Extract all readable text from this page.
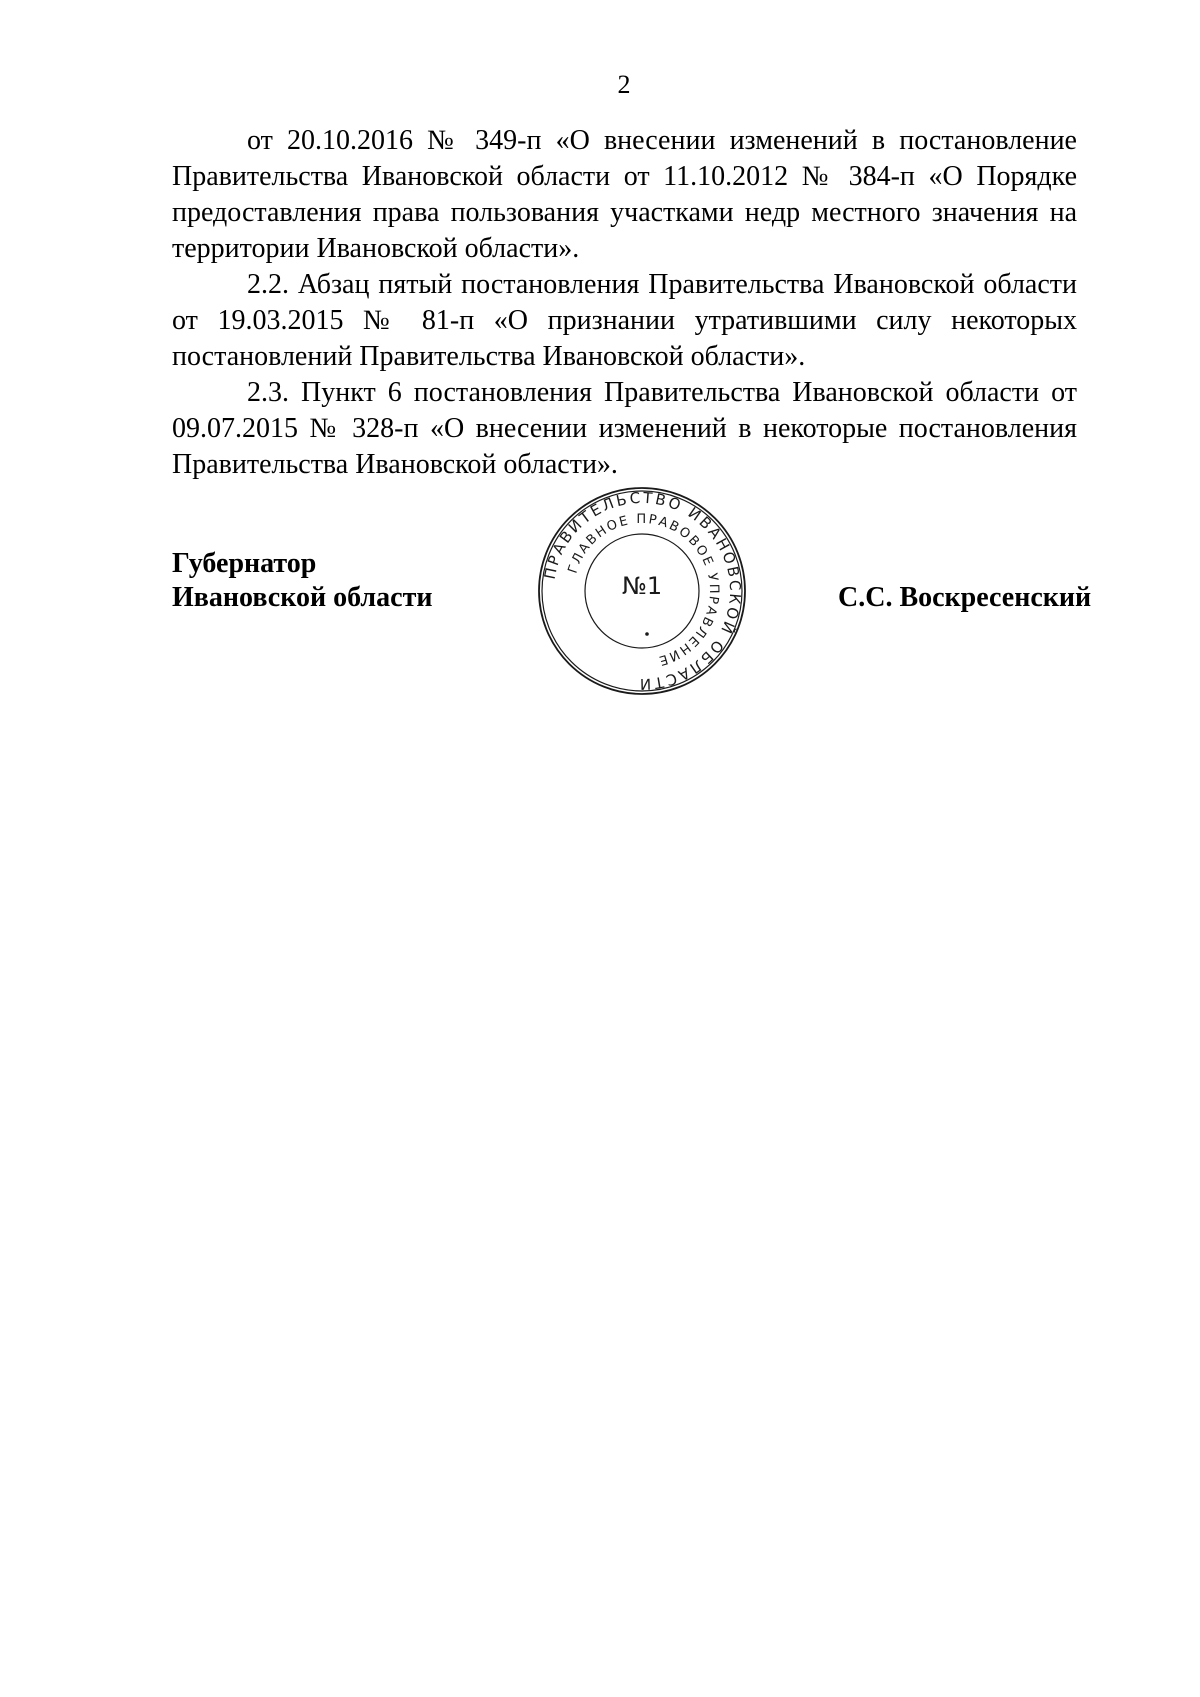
2

от 20.10.2016 № 349-п «О внесении изменений в постановление Правительства Ивановской области от 11.10.2012 № 384-п «О Порядке предоставления права пользования участками недр местного значения на территории Ивановской области».

2.2. Абзац пятый постановления Правительства Ивановской области от 19.03.2015 № 81-п «О признании утратившими силу некоторых постановлений Правительства Ивановской области».

2.3. Пункт 6 постановления Правительства Ивановской области от 09.07.2015 № 328-п «О внесении изменений в некоторые постановления Правительства Ивановской области».

Губернатор
Ивановской области
ПРАВИТЕЛЬСТВО ИВАНОВСКОЙ ОБЛАСТИ
ГЛАВНОЕ ПРАВОВОЕ УПРАВЛЕНИЕ
№1	С.С. Воскресенский
